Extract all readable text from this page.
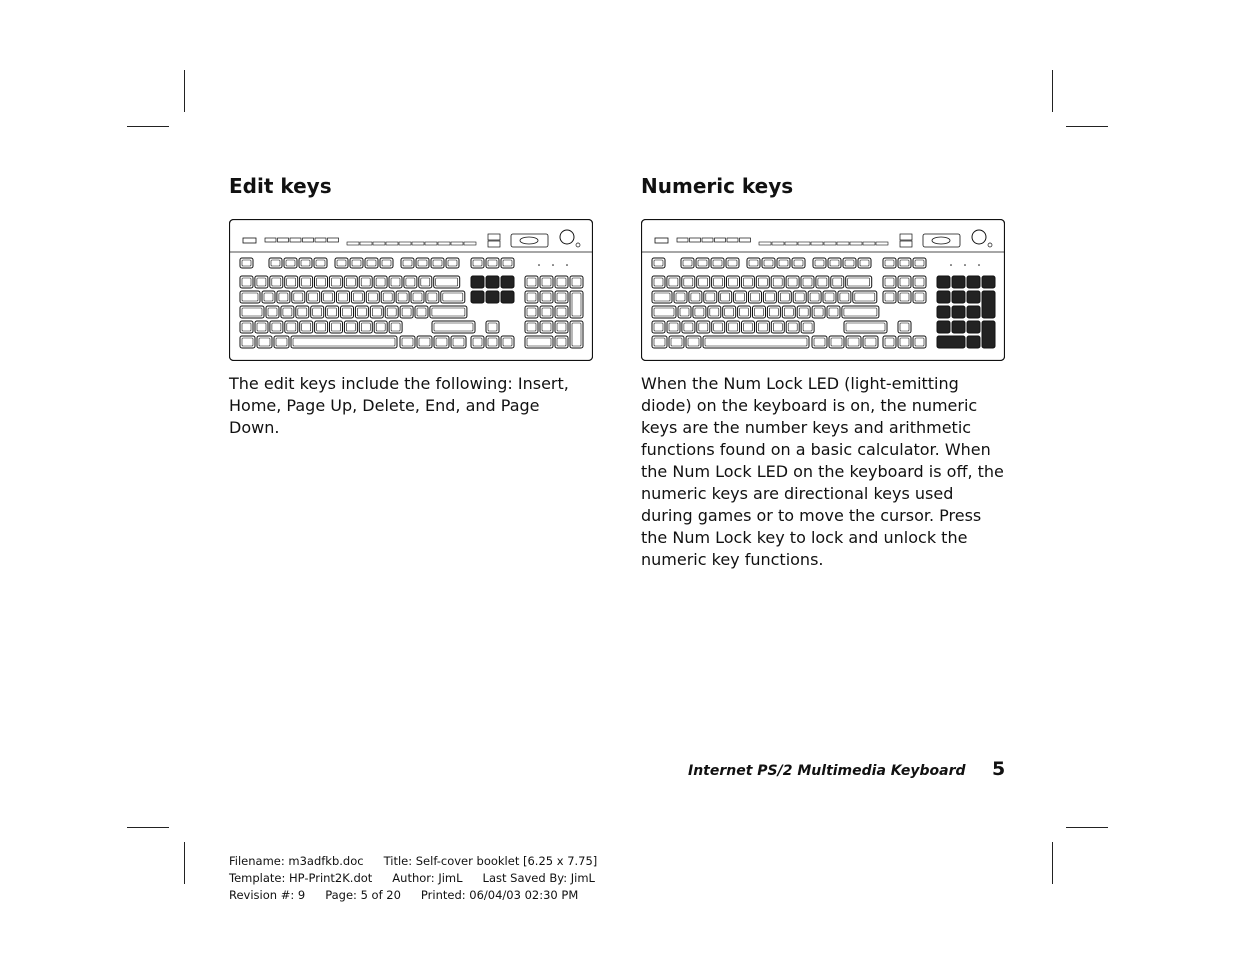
Edit keys

The edit keys include the following: Insert, Home, Page Up, Delete, End, and Page Down.

Numeric keys

When the Num Lock LED (light-emitting diode) on the keyboard is on, the numeric keys are the number keys and arithmetic functions found on a basic calculator. When the Num Lock LED on the keyboard is off, the numeric keys are directional keys used during games or to move the cursor. Press the Num Lock key to lock and unlock the numeric key functions.

Internet PS/2 Multimedia Keyboard 5
Filename: m3adfkb.doc Title: Self-cover booklet [6.25 x 7.75]
Template: HP-Print2K.dot Author: JimL Last Saved By: JimL
Revision #: 9 Page: 5 of 20 Printed: 06/04/03 02:30 PM
